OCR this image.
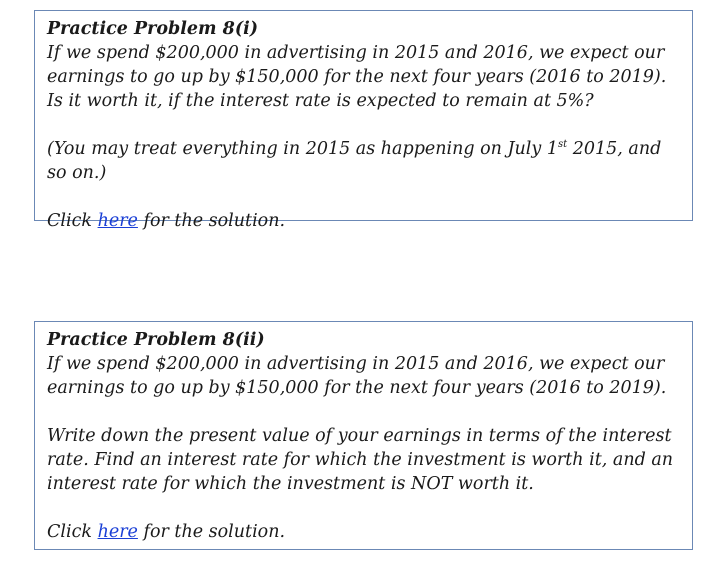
Practice Problem 8(i)
If we spend $200,000 in advertising in 2015 and 2016, we expect our earnings to go up by $150,000 for the next four years (2016 to 2019). Is it worth it, if the interest rate is expected to remain at 5%?
(You may treat everything in 2015 as happening on July 1st 2015, and so on.)
Click here for the solution.
Practice Problem 8(ii)
If we spend $200,000 in advertising in 2015 and 2016, we expect our earnings to go up by $150,000 for the next four years (2016 to 2019).
Write down the present value of your earnings in terms of the interest rate. Find an interest rate for which the investment is worth it, and an interest rate for which the investment is NOT worth it.
Click here for the solution.
